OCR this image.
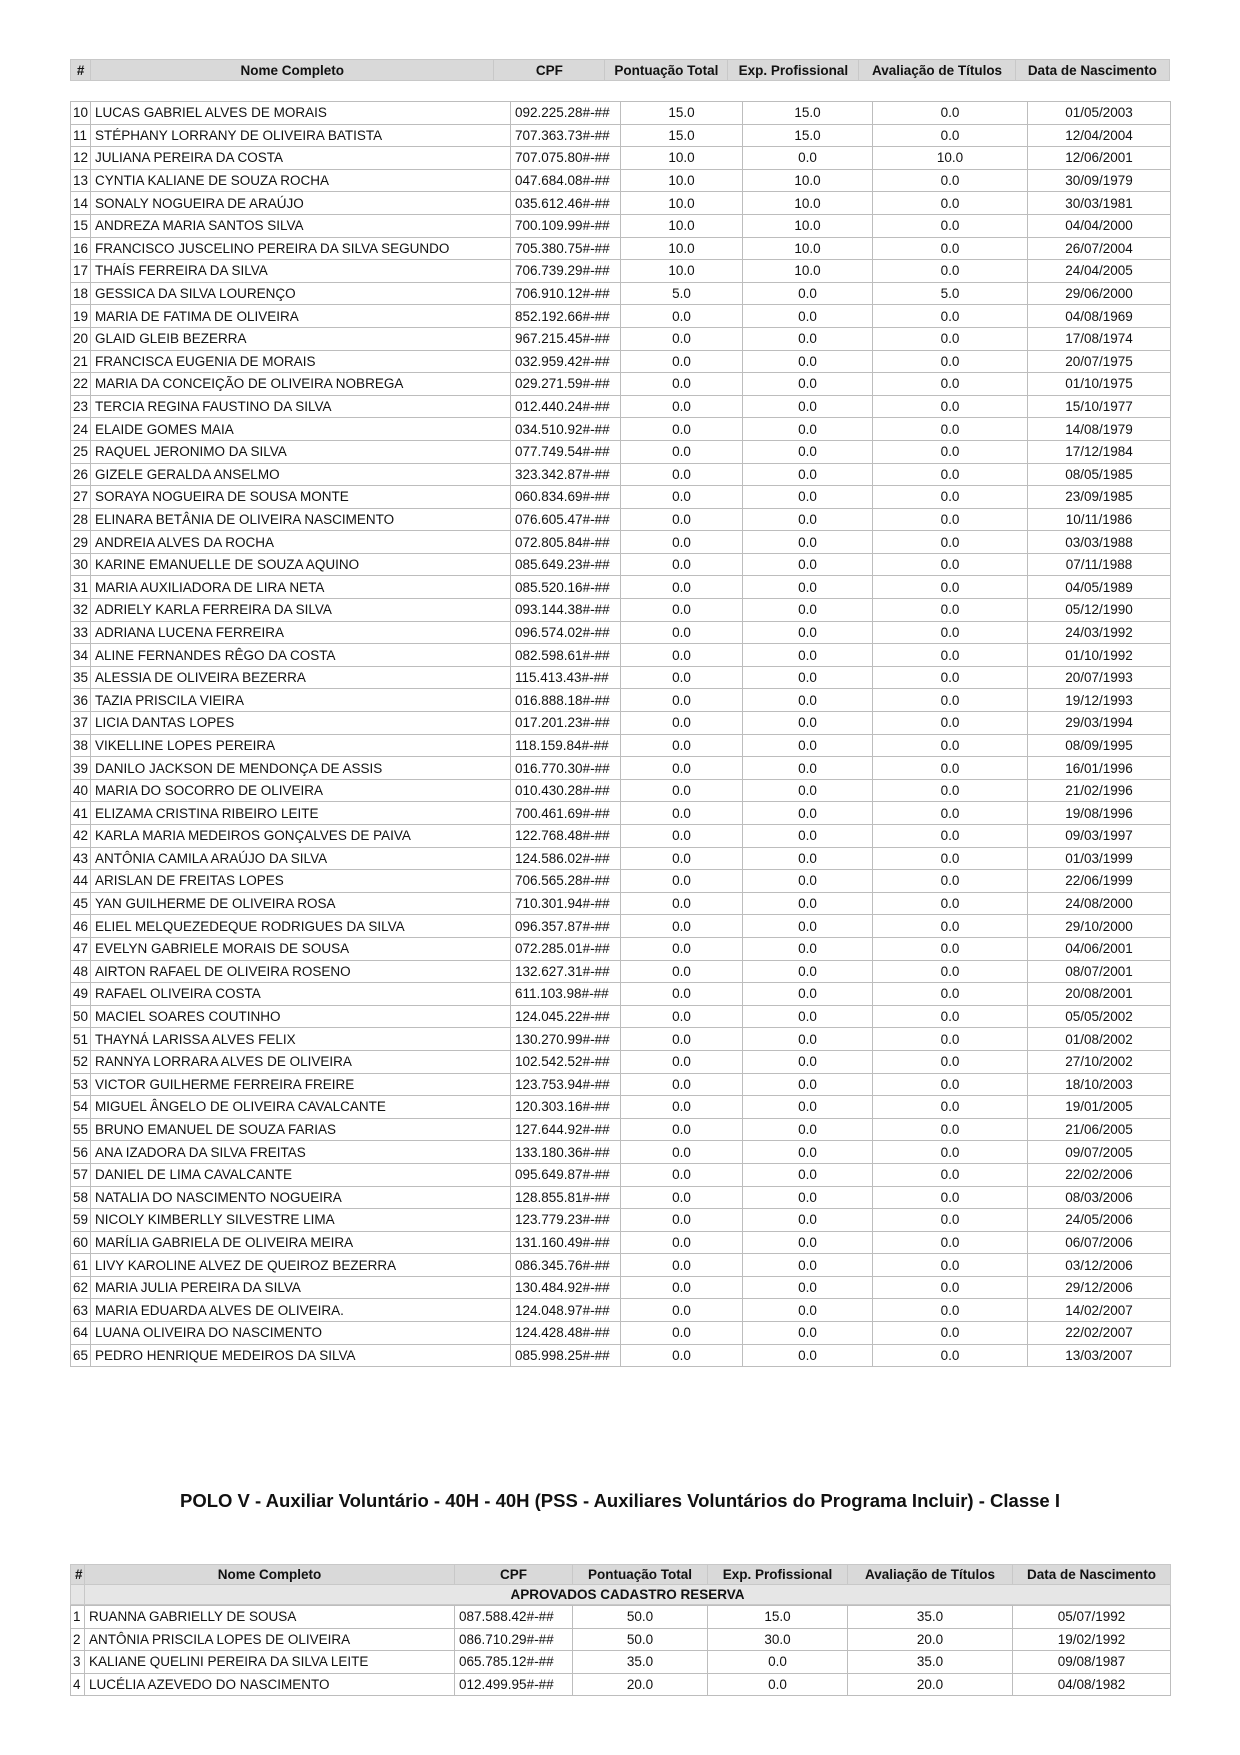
#	Nome Completo	CPF	Pontuação Total	Exp. Profissional	Avaliação de Títulos	Data de Nascimento
10	LUCAS GABRIEL ALVES DE MORAIS	092.225.28#-##	15.0	15.0	0.0	01/05/2003
11	STÉPHANY LORRANY DE OLIVEIRA BATISTA	707.363.73#-##	15.0	15.0	0.0	12/04/2004
12	JULIANA PEREIRA DA COSTA	707.075.80#-##	10.0	0.0	10.0	12/06/2001
13	CYNTIA KALIANE DE SOUZA ROCHA	047.684.08#-##	10.0	10.0	0.0	30/09/1979
14	SONALY NOGUEIRA DE ARAÚJO	035.612.46#-##	10.0	10.0	0.0	30/03/1981
15	ANDREZA MARIA SANTOS SILVA	700.109.99#-##	10.0	10.0	0.0	04/04/2000
16	FRANCISCO JUSCELINO PEREIRA DA SILVA SEGUNDO	705.380.75#-##	10.0	10.0	0.0	26/07/2004
17	THAÍS FERREIRA DA SILVA	706.739.29#-##	10.0	10.0	0.0	24/04/2005
18	GESSICA DA SILVA LOURENÇO	706.910.12#-##	5.0	0.0	5.0	29/06/2000
19	MARIA DE FATIMA DE OLIVEIRA	852.192.66#-##	0.0	0.0	0.0	04/08/1969
20	GLAID GLEIB BEZERRA	967.215.45#-##	0.0	0.0	0.0	17/08/1974
21	FRANCISCA EUGENIA DE MORAIS	032.959.42#-##	0.0	0.0	0.0	20/07/1975
22	MARIA DA CONCEIÇÃO DE OLIVEIRA NOBREGA	029.271.59#-##	0.0	0.0	0.0	01/10/1975
23	TERCIA REGINA FAUSTINO DA SILVA	012.440.24#-##	0.0	0.0	0.0	15/10/1977
24	ELAIDE GOMES MAIA	034.510.92#-##	0.0	0.0	0.0	14/08/1979
25	RAQUEL JERONIMO DA SILVA	077.749.54#-##	0.0	0.0	0.0	17/12/1984
26	GIZELE GERALDA ANSELMO	323.342.87#-##	0.0	0.0	0.0	08/05/1985
27	SORAYA NOGUEIRA DE SOUSA MONTE	060.834.69#-##	0.0	0.0	0.0	23/09/1985
28	ELINARA BETÂNIA DE OLIVEIRA NASCIMENTO	076.605.47#-##	0.0	0.0	0.0	10/11/1986
29	ANDREIA ALVES DA ROCHA	072.805.84#-##	0.0	0.0	0.0	03/03/1988
30	KARINE EMANUELLE DE SOUZA AQUINO	085.649.23#-##	0.0	0.0	0.0	07/11/1988
31	MARIA AUXILIADORA DE LIRA NETA	085.520.16#-##	0.0	0.0	0.0	04/05/1989
32	ADRIELY KARLA FERREIRA DA SILVA	093.144.38#-##	0.0	0.0	0.0	05/12/1990
33	ADRIANA LUCENA FERREIRA	096.574.02#-##	0.0	0.0	0.0	24/03/1992
34	ALINE FERNANDES RÊGO DA COSTA	082.598.61#-##	0.0	0.0	0.0	01/10/1992
35	ALESSIA DE OLIVEIRA BEZERRA	115.413.43#-##	0.0	0.0	0.0	20/07/1993
36	TAZIA PRISCILA VIEIRA	016.888.18#-##	0.0	0.0	0.0	19/12/1993
37	LICIA DANTAS LOPES	017.201.23#-##	0.0	0.0	0.0	29/03/1994
38	VIKELLINE LOPES PEREIRA	118.159.84#-##	0.0	0.0	0.0	08/09/1995
39	DANILO JACKSON DE MENDONÇA DE ASSIS	016.770.30#-##	0.0	0.0	0.0	16/01/1996
40	MARIA DO SOCORRO DE OLIVEIRA	010.430.28#-##	0.0	0.0	0.0	21/02/1996
41	ELIZAMA CRISTINA RIBEIRO LEITE	700.461.69#-##	0.0	0.0	0.0	19/08/1996
42	KARLA MARIA MEDEIROS GONÇALVES DE PAIVA	122.768.48#-##	0.0	0.0	0.0	09/03/1997
43	ANTÔNIA CAMILA ARAÚJO DA SILVA	124.586.02#-##	0.0	0.0	0.0	01/03/1999
44	ARISLAN DE FREITAS LOPES	706.565.28#-##	0.0	0.0	0.0	22/06/1999
45	YAN GUILHERME DE OLIVEIRA ROSA	710.301.94#-##	0.0	0.0	0.0	24/08/2000
46	ELIEL MELQUEZEDEQUE RODRIGUES DA SILVA	096.357.87#-##	0.0	0.0	0.0	29/10/2000
47	EVELYN GABRIELE MORAIS DE SOUSA	072.285.01#-##	0.0	0.0	0.0	04/06/2001
48	AIRTON RAFAEL DE OLIVEIRA ROSENO	132.627.31#-##	0.0	0.0	0.0	08/07/2001
49	RAFAEL OLIVEIRA COSTA	611.103.98#-##	0.0	0.0	0.0	20/08/2001
50	MACIEL SOARES COUTINHO	124.045.22#-##	0.0	0.0	0.0	05/05/2002
51	THAYNÁ LARISSA ALVES FELIX	130.270.99#-##	0.0	0.0	0.0	01/08/2002
52	RANNYA LORRARA ALVES DE OLIVEIRA	102.542.52#-##	0.0	0.0	0.0	27/10/2002
53	VICTOR GUILHERME FERREIRA FREIRE	123.753.94#-##	0.0	0.0	0.0	18/10/2003
54	MIGUEL ÂNGELO DE OLIVEIRA CAVALCANTE	120.303.16#-##	0.0	0.0	0.0	19/01/2005
55	BRUNO EMANUEL DE SOUZA FARIAS	127.644.92#-##	0.0	0.0	0.0	21/06/2005
56	ANA IZADORA DA SILVA FREITAS	133.180.36#-##	0.0	0.0	0.0	09/07/2005
57	DANIEL DE LIMA CAVALCANTE	095.649.87#-##	0.0	0.0	0.0	22/02/2006
58	NATALIA DO NASCIMENTO NOGUEIRA	128.855.81#-##	0.0	0.0	0.0	08/03/2006
59	NICOLY KIMBERLLY SILVESTRE LIMA	123.779.23#-##	0.0	0.0	0.0	24/05/2006
60	MARÍLIA GABRIELA DE OLIVEIRA MEIRA	131.160.49#-##	0.0	0.0	0.0	06/07/2006
61	LIVY KAROLINE ALVEZ DE QUEIROZ BEZERRA	086.345.76#-##	0.0	0.0	0.0	03/12/2006
62	MARIA JULIA PEREIRA DA SILVA	130.484.92#-##	0.0	0.0	0.0	29/12/2006
63	MARIA EDUARDA ALVES DE OLIVEIRA.	124.048.97#-##	0.0	0.0	0.0	14/02/2007
64	LUANA OLIVEIRA DO NASCIMENTO	124.428.48#-##	0.0	0.0	0.0	22/02/2007
65	PEDRO HENRIQUE MEDEIROS DA SILVA	085.998.25#-##	0.0	0.0	0.0	13/03/2007
POLO V - Auxiliar Voluntário - 40H - 40H (PSS - Auxiliares Voluntários do Programa Incluir) - Classe I
#	Nome Completo	CPF	Pontuação Total	Exp. Profissional	Avaliação de Títulos	Data de Nascimento
	APROVADOS CADASTRO RESERVA					
1	RUANNA GABRIELLY DE SOUSA	087.588.42#-##	50.0	15.0	35.0	05/07/1992
2	ANTÔNIA PRISCILA LOPES DE OLIVEIRA	086.710.29#-##	50.0	30.0	20.0	19/02/1992
3	KALIANE QUELINI PEREIRA DA SILVA LEITE	065.785.12#-##	35.0	0.0	35.0	09/08/1987
4	LUCÉLIA AZEVEDO DO NASCIMENTO	012.499.95#-##	20.0	0.0	20.0	04/08/1982
